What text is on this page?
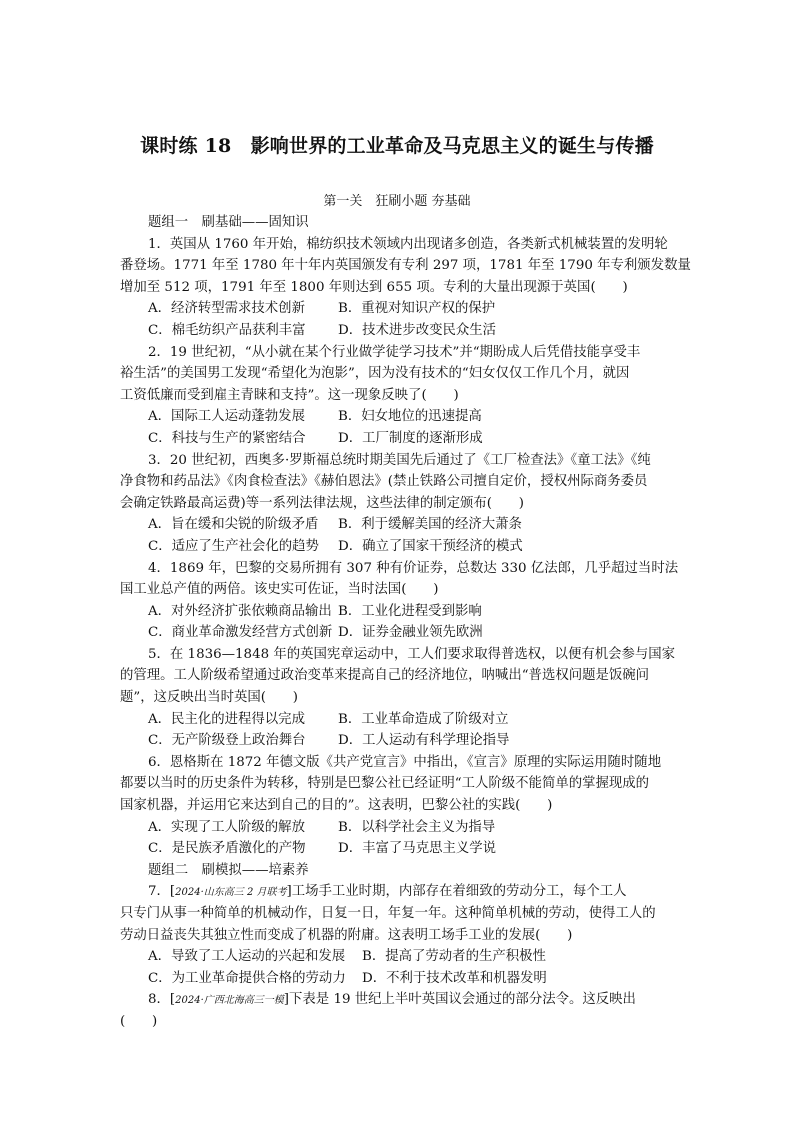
课时练 18　影响世界的工业革命及马克思主义的诞生与传播
第一关　狂刷小题 夯基础
题组一　刷基础——固知识
1．英国从 1760 年开始，棉纺织技术领域内出现诸多创造，各类新式机械装置的发明轮
番登场。1771 年至 1780 年十年内英国颁发有专利 297 项，1781 年至 1790 年专利颁发数量
增加至 512 项，1791 年至 1800 年则达到 655 项。专利的大量出现源于英国(　　)
A．经济转型需求技术创新	B．重视对知识产权的保护
C．棉毛纺织产品获利丰富	D．技术进步改变民众生活
2．19 世纪初，“从小就在某个行业做学徒学习技术”并“期盼成人后凭借技能享受丰
裕生活”的美国男工发现“希望化为泡影”，因为没有技术的“妇女仅仅工作几个月，就因
工资低廉而受到雇主青睐和支持”。这一现象反映了(　　)
A．国际工人运动蓬勃发展	B．妇女地位的迅速提高
C．科技与生产的紧密结合	D．工厂制度的逐渐形成
3．20 世纪初，西奥多·罗斯福总统时期美国先后通过了《工厂检查法》《童工法》《纯
净食物和药品法》《肉食检查法》《赫伯恩法》(禁止铁路公司擅自定价，授权州际商务委员
会确定铁路最高运费)等一系列法律法规，这些法律的制定颁布(　　)
A．旨在缓和尖锐的阶级矛盾	B．利于缓解美国的经济大萧条
C．适应了生产社会化的趋势	D．确立了国家干预经济的模式
4．1869 年，巴黎的交易所拥有 307 种有价证券，总数达 330 亿法郎，几乎超过当时法
国工业总产值的两倍。该史实可佐证，当时法国(　　)
A．对外经济扩张依赖商品输出 B．工业化进程受到影响
C．商业革命激发经营方式创新 D．证券金融业领先欧洲
5．在 1836—1848 年的英国宪章运动中，工人们要求取得普选权，以便有机会参与国家
的管理。工人阶级希望通过政治变革来提高自己的经济地位，呐喊出“普选权问题是饭碗问
题”，这反映出当时英国(　　)
A．民主化的进程得以完成	B．工业革命造成了阶级对立
C．无产阶级登上政治舞台	D．工人运动有科学理论指导
6．恩格斯在 1872 年德文版《共产党宣言》中指出，《宣言》原理的实际运用随时随地
都要以当时的历史条件为转移，特别是巴黎公社已经证明“工人阶级不能简单的掌握现成的
国家机器，并运用它来达到自己的目的”。这表明，巴黎公社的实践(　　)
A．实现了工人阶级的解放	B．以科学社会主义为指导
C．是民族矛盾激化的产物	D．丰富了马克思主义学说
题组二　刷模拟——培素养
7．[2024·山东高三 2 月联考]工场手工业时期，内部存在着细致的劳动分工，每个工人
只专门从事一种简单的机械动作，日复一日，年复一年。这种简单机械的劳动，使得工人的
劳动日益丧失其独立性而变成了机器的附庸。这表明工场手工业的发展(　　)
A．导致了工人运动的兴起和发展	B．提高了劳动者的生产积极性
C．为工业革命提供合格的劳动力	D．不利于技术改革和机器发明
8．[2024·广西北海高三一模]下表是 19 世纪上半叶英国议会通过的部分法令。这反映出
(　　)
